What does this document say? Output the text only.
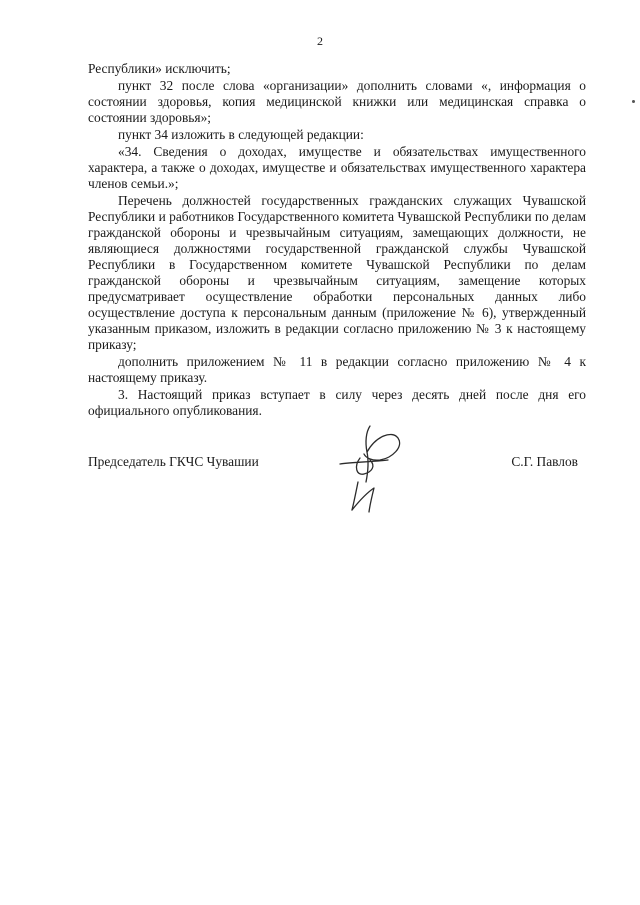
2

Республики» исключить;

пункт 32 после слова «организации» дополнить словами «, информация о состоянии здоровья, копия медицинской книжки или медицинская справка о состоянии здоровья»;

пункт 34 изложить в следующей редакции:

«34. Сведения о доходах, имуществе и обязательствах имущественного характера, а также о доходах, имуществе и обязательствах имущественного характера членов семьи.»;

Перечень должностей государственных гражданских служащих Чувашской Республики и работников Государственного комитета Чувашской Республики по делам гражданской обороны и чрезвычайным ситуациям, замещающих должности, не являющиеся должностями государственной гражданской службы Чувашской Республики в Государственном комитете Чувашской Республики по делам гражданской обороны и чрезвычайным ситуациям, замещение которых предусматривает осуществление обработки персональных данных либо осуществление доступа к персональным данным (приложение № 6), утвержденный указанным приказом, изложить в редакции согласно приложению № 3 к настоящему приказу;

дополнить приложением № 11 в редакции согласно приложению № 4 к настоящему приказу.

3. Настоящий приказ вступает в силу через десять дней после дня его официального опубликования.

Председатель ГКЧС Чувашии	С.Г. Павлов
